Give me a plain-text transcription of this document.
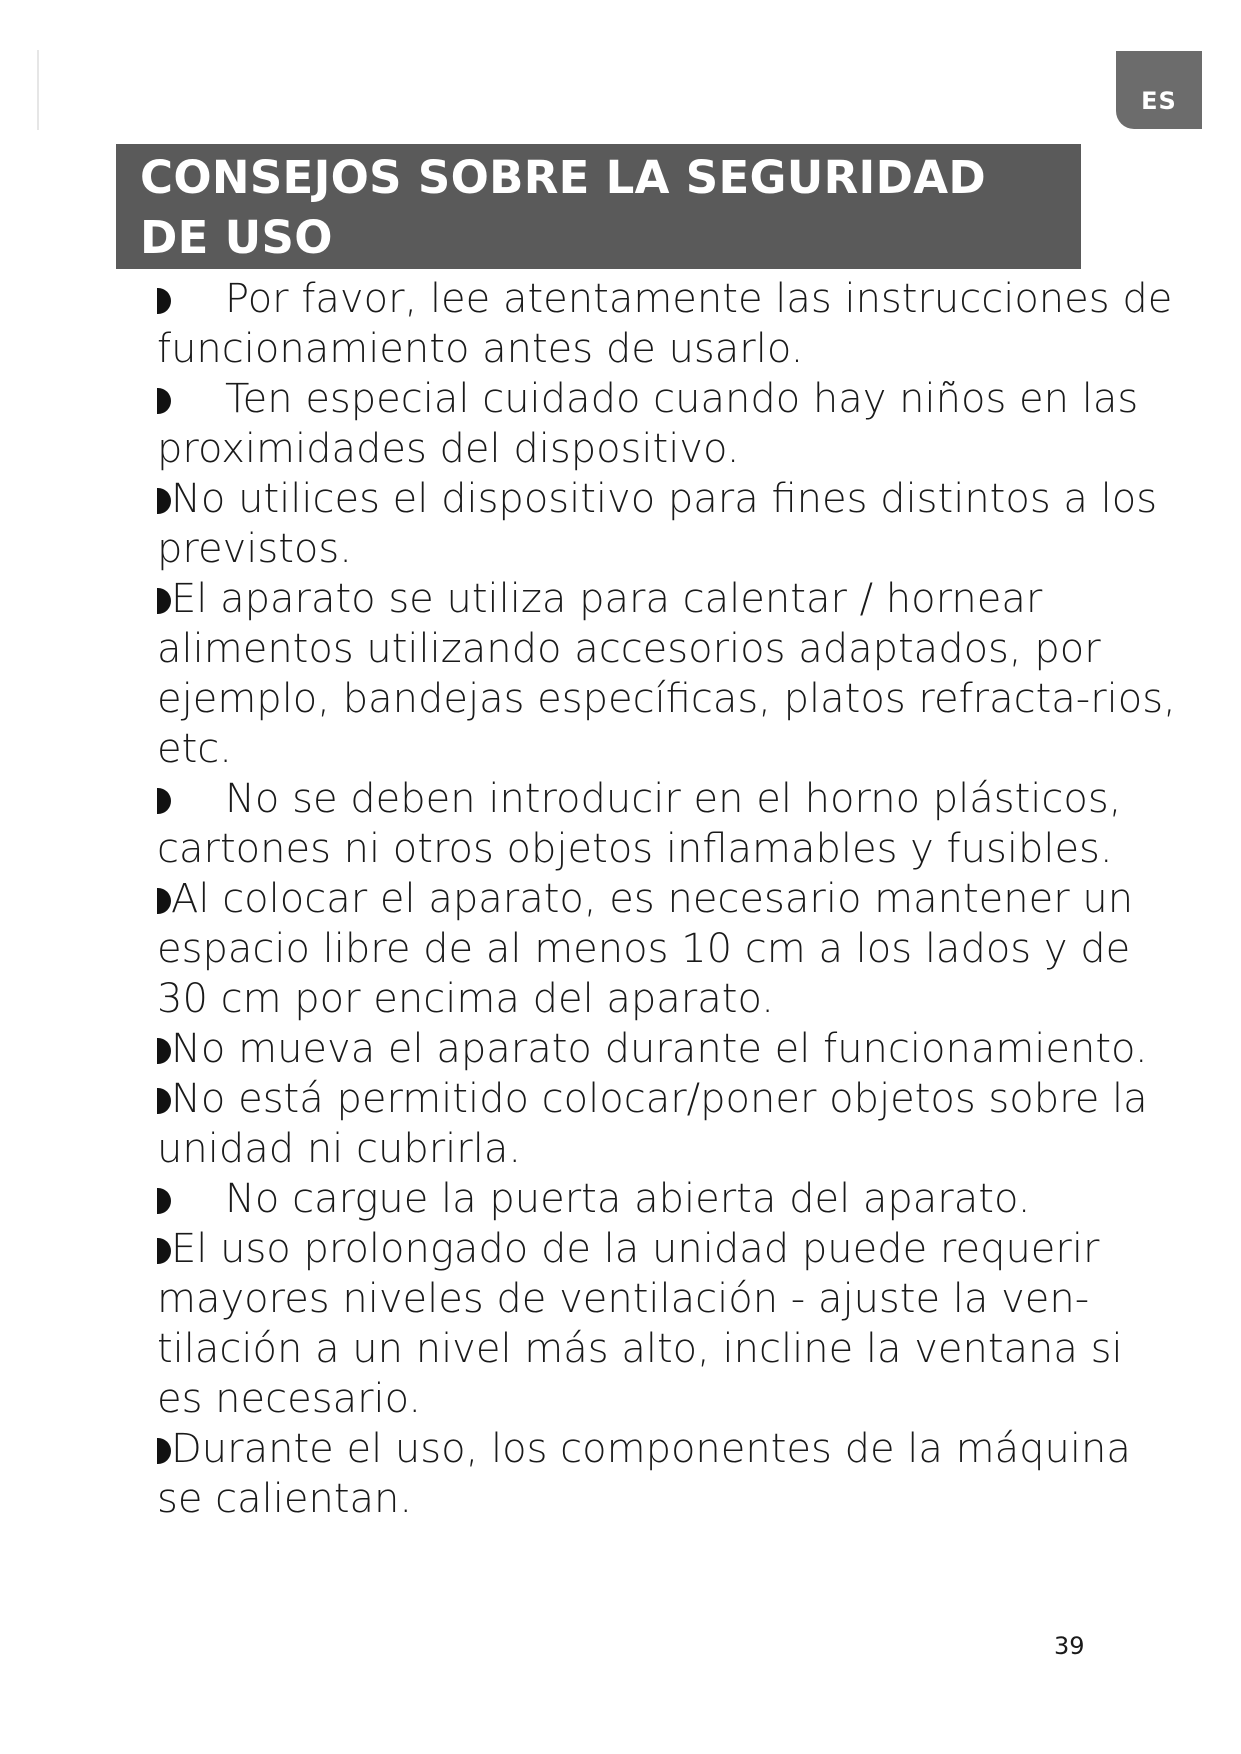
ES
CONSEJOS SOBRE LA SEGURIDAD DE USO
Por favor, lee atentamente las instrucciones de funcionamiento antes de usarlo.
Ten especial cuidado cuando hay niños en las proximidades del dispositivo.
No utilices el dispositivo para fines distintos a los previstos.
El aparato se utiliza para calentar / hornear alimentos utilizando accesorios adaptados, por ejemplo, bandejas específicas, platos refracta-rios, etc.
No se deben introducir en el horno plásticos, cartones ni otros objetos inflamables y fusibles.
Al colocar el aparato, es necesario mantener un espacio libre de al menos 10 cm a los lados y de 30 cm por encima del aparato.
No mueva el aparato durante el funcionamiento.
No está permitido colocar/poner objetos sobre la unidad ni cubrirla.
No cargue la puerta abierta del aparato.
El uso prolongado de la unidad puede requerir mayores niveles de ventilación - ajuste la ven-tilación a un nivel más alto, incline la ventana si es necesario.
Durante el uso, los componentes de la máquina se calientan.
39
